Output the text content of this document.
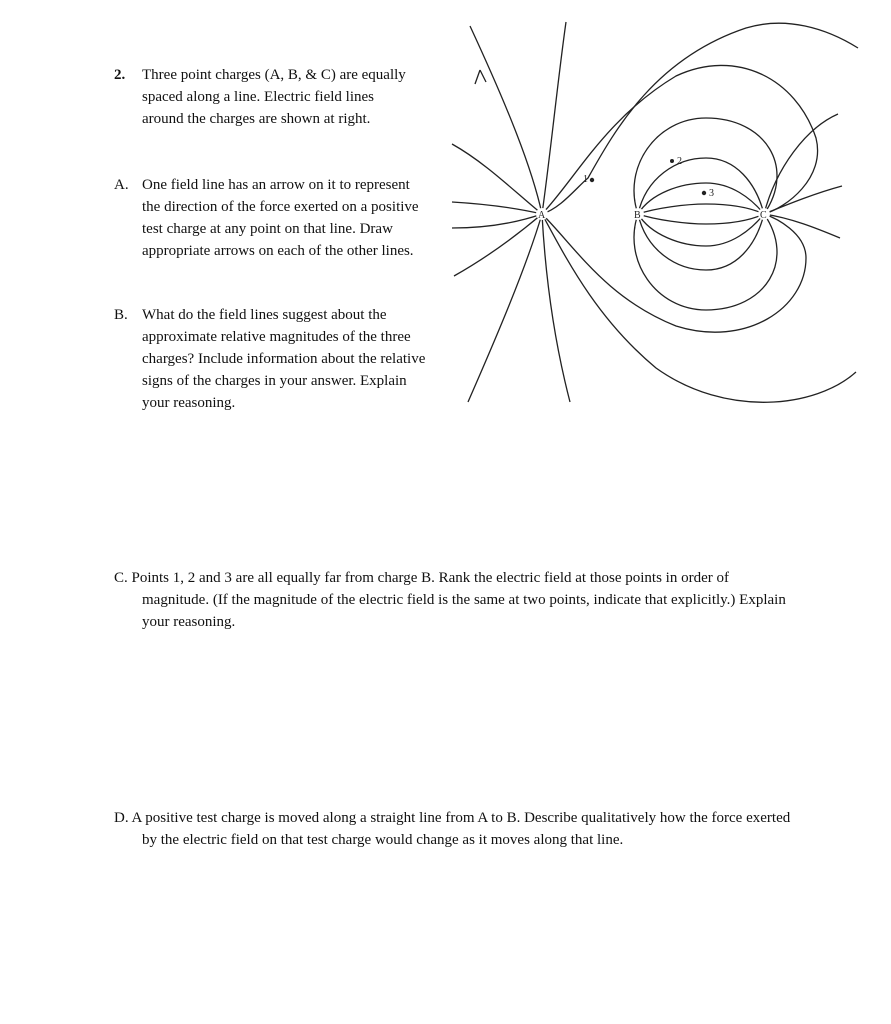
2. Three point charges (A, B, & C) are equally spaced along a line. Electric field lines around the charges are shown at right.
A. One field line has an arrow on it to represent the direction of the force exerted on a positive test charge at any point on that line. Draw appropriate arrows on each of the other lines.
B. What do the field lines suggest about the approximate relative magnitudes of the three charges? Include information about the relative signs of the charges in your answer. Explain your reasoning.
C. Points 1, 2 and 3 are all equally far from charge B. Rank the electric field at those points in order of magnitude. (If the magnitude of the electric field is the same at two points, indicate that explicitly.) Explain your reasoning.
D. A positive test charge is moved along a straight line from A to B. Describe qualitatively how the force exerted by the electric field on that test charge would change as it moves along that line.
A	B	C
1
2
3
